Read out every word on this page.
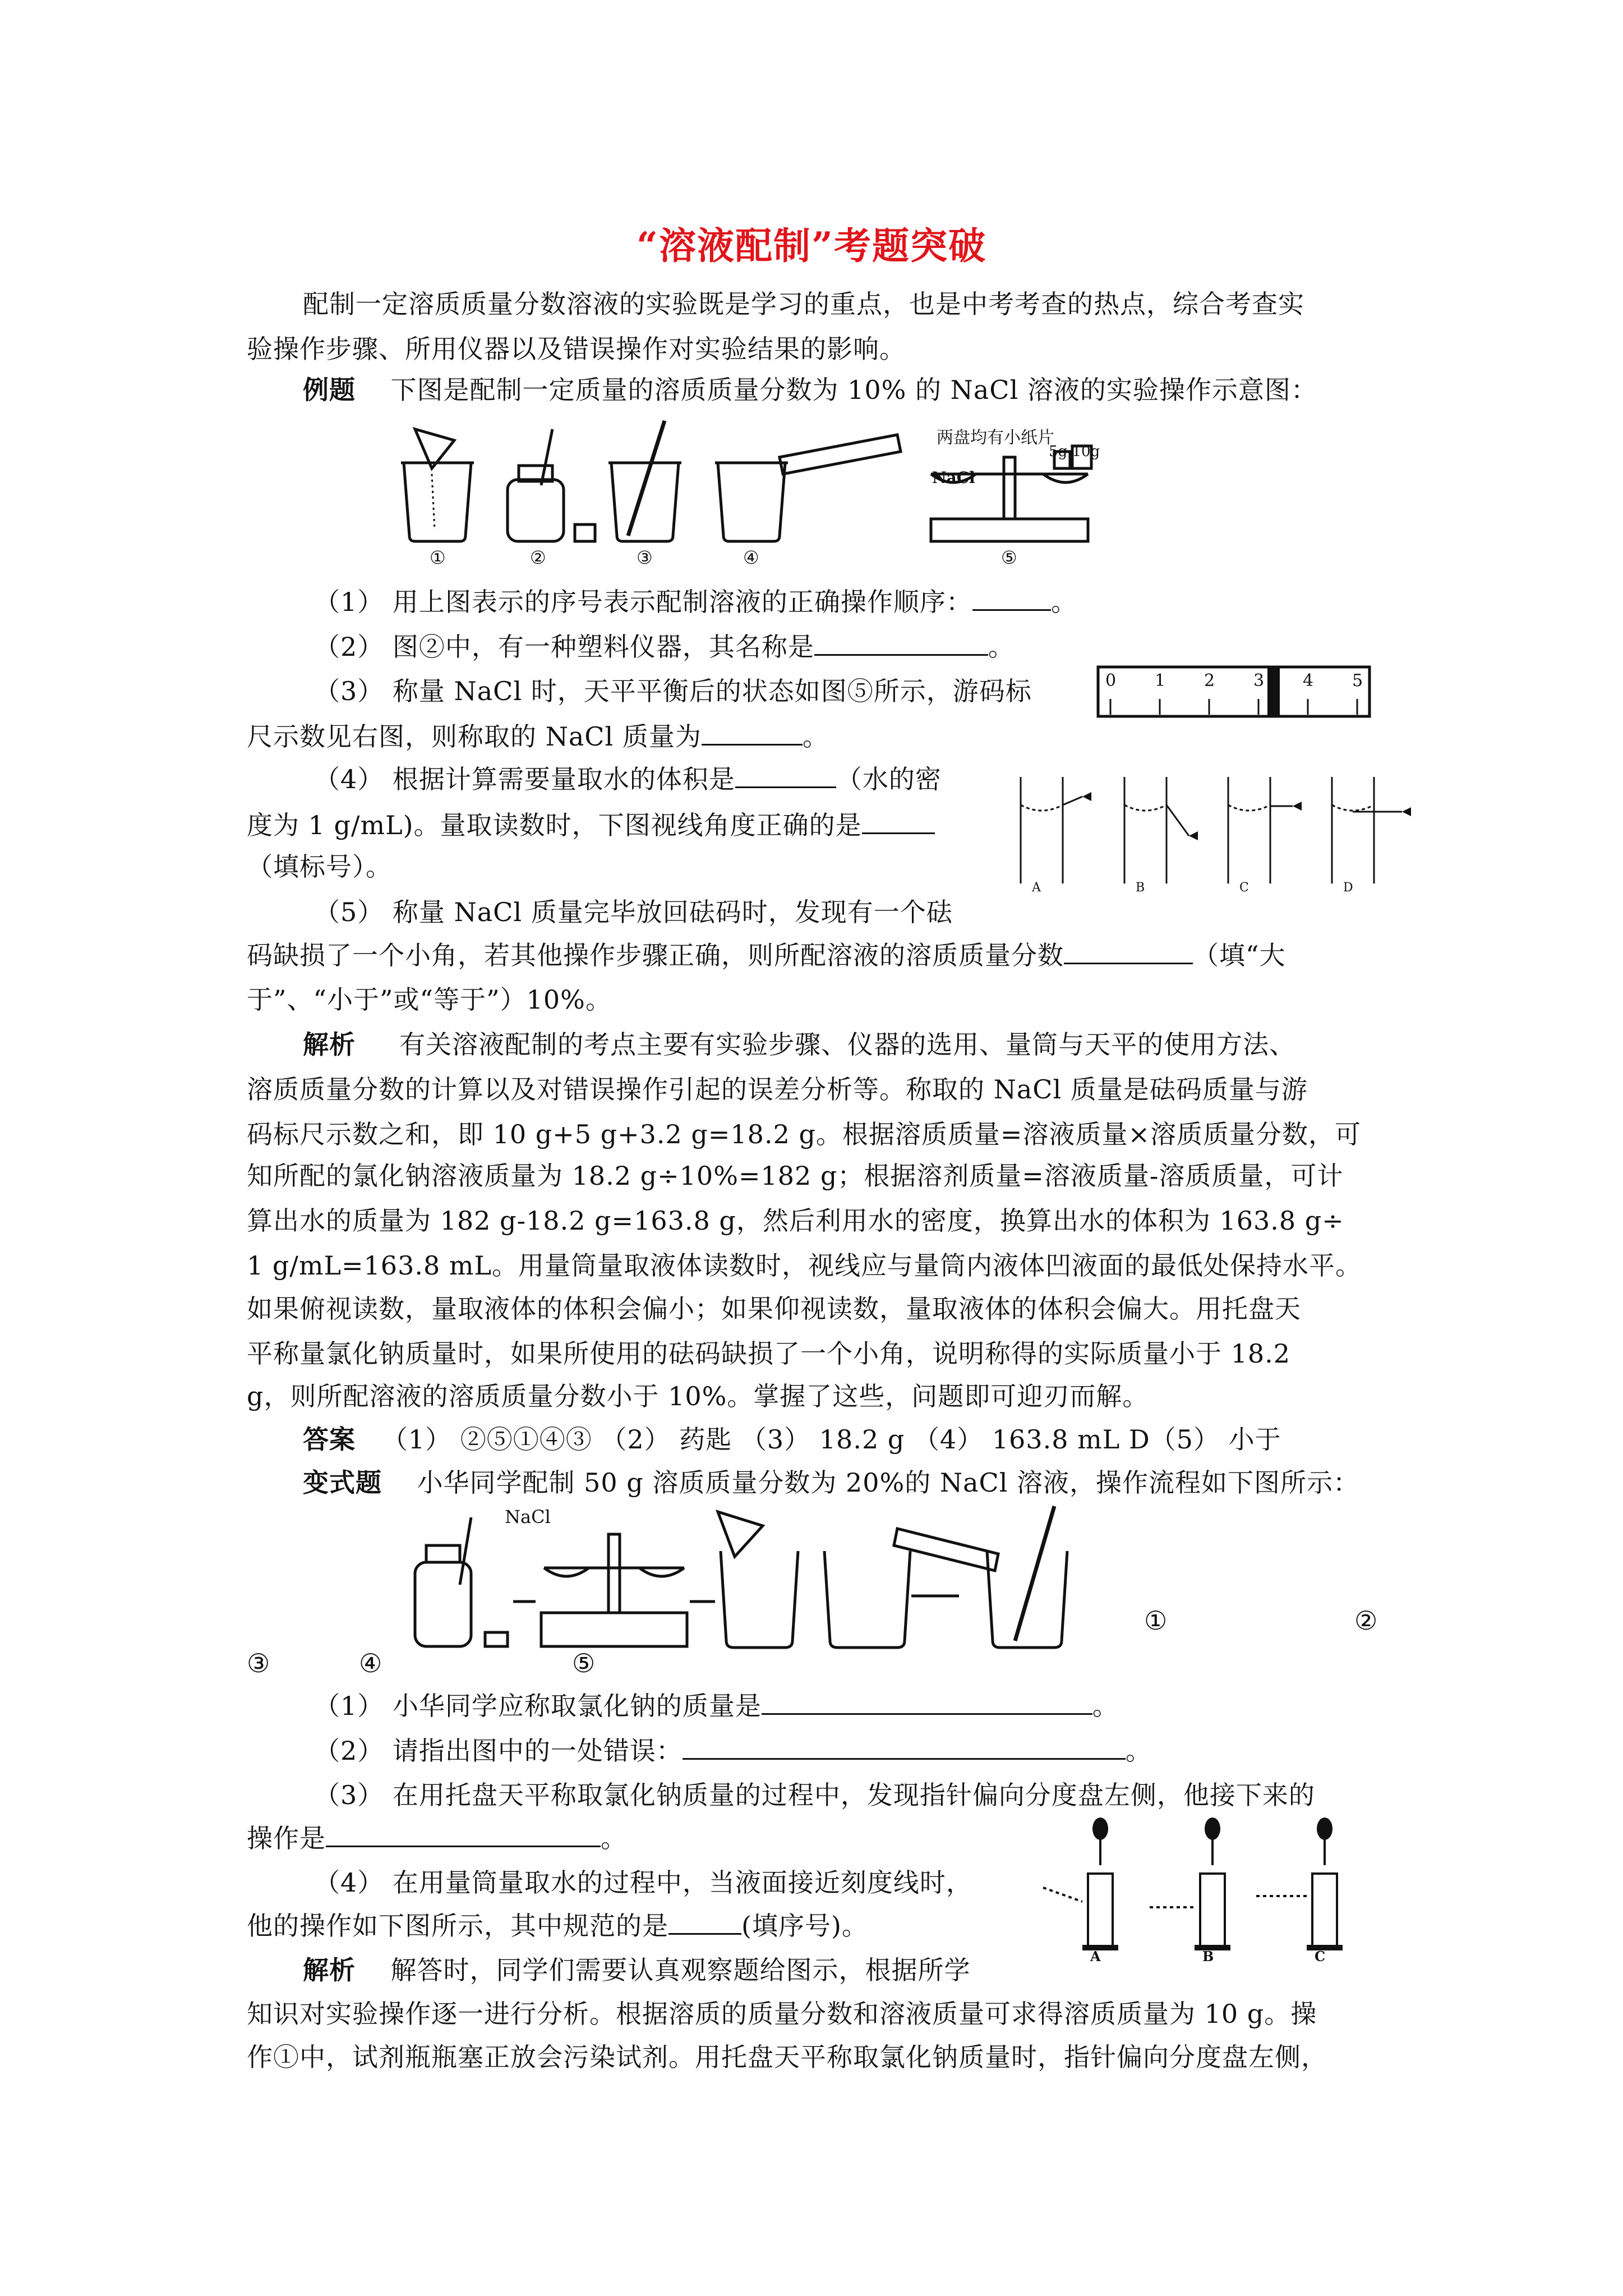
“溶液配制”考题突破
配制一定溶质质量分数溶液的实验既是学习的重点，也是中考考查的热点，综合考查实
验操作步骤、所用仪器以及错误操作对实验结果的影响。
例题 下图是配制一定质量的溶质质量分数为 10% 的 NaCl 溶液的实验操作示意图：
两盘均有小纸片
5g 10g
NaCl
①	②	③	④	⑤
（1） 用上图表示的序号表示配制溶液的正确操作顺序：	。
（2） 图②中，有一种塑料仪器，其名称是	。
（3） 称量 NaCl 时，天平平衡后的状态如图⑤所示，游码标
尺示数见右图，则称取的 NaCl 质量为	。
0 1 2 3 4 5
（4） 根据计算需要量取水的体积是	（水的密
度为 1 g/mL)。量取读数时，下图视线角度正确的是
（填标号）。
A	B	C	D
（5） 称量 NaCl 质量完毕放回砝码时，发现有一个砝
码缺损了一个小角，若其他操作步骤正确，则所配溶液的溶质质量分数	（填“大
于”、“小于”或“等于”）10%。
解析 有关溶液配制的考点主要有实验步骤、仪器的选用、量筒与天平的使用方法、
溶质质量分数的计算以及对错误操作引起的误差分析等。称取的 NaCl 质量是砝码质量与游
码标尺示数之和，即 10 g+5 g+3.2 g=18.2 g。根据溶质质量=溶液质量×溶质质量分数，可
知所配的氯化钠溶液质量为 18.2 g÷10%=182 g；根据溶剂质量=溶液质量-溶质质量，可计
算出水的质量为 182 g-18.2 g=163.8 g，然后利用水的密度，换算出水的体积为 163.8 g÷
1 g/mL=163.8 mL。用量筒量取液体读数时，视线应与量筒内液体凹液面的最低处保持水平。
如果俯视读数，量取液体的体积会偏小；如果仰视读数，量取液体的体积会偏大。用托盘天
平称量氯化钠质量时，如果所使用的砝码缺损了一个小角，说明称得的实际质量小于 18.2
g，则所配溶液的溶质质量分数小于 10%。掌握了这些，问题即可迎刃而解。
答案 （1） ②⑤①④③ （2） 药匙 （3） 18.2 g （4） 163.8 mL D（5） 小于
变式题 小华同学配制 50 g 溶质质量分数为 20%的 NaCl 溶液，操作流程如下图所示：
NaCl
①	②
③	④	⑤
（1） 小华同学应称取氯化钠的质量是	。
（2） 请指出图中的一处错误：	。
（3） 在用托盘天平称取氯化钠质量的过程中，发现指针偏向分度盘左侧，他接下来的
操作是	。
（4） 在用量筒量取水的过程中，当液面接近刻度线时，
他的操作如下图所示，其中规范的是	(填序号)。
A	B	C
解析 解答时，同学们需要认真观察题给图示，根据所学
知识对实验操作逐一进行分析。根据溶质的质量分数和溶液质量可求得溶质质量为 10 g。操
作①中，试剂瓶瓶塞正放会污染试剂。用托盘天平称取氯化钠质量时，指针偏向分度盘左侧，
